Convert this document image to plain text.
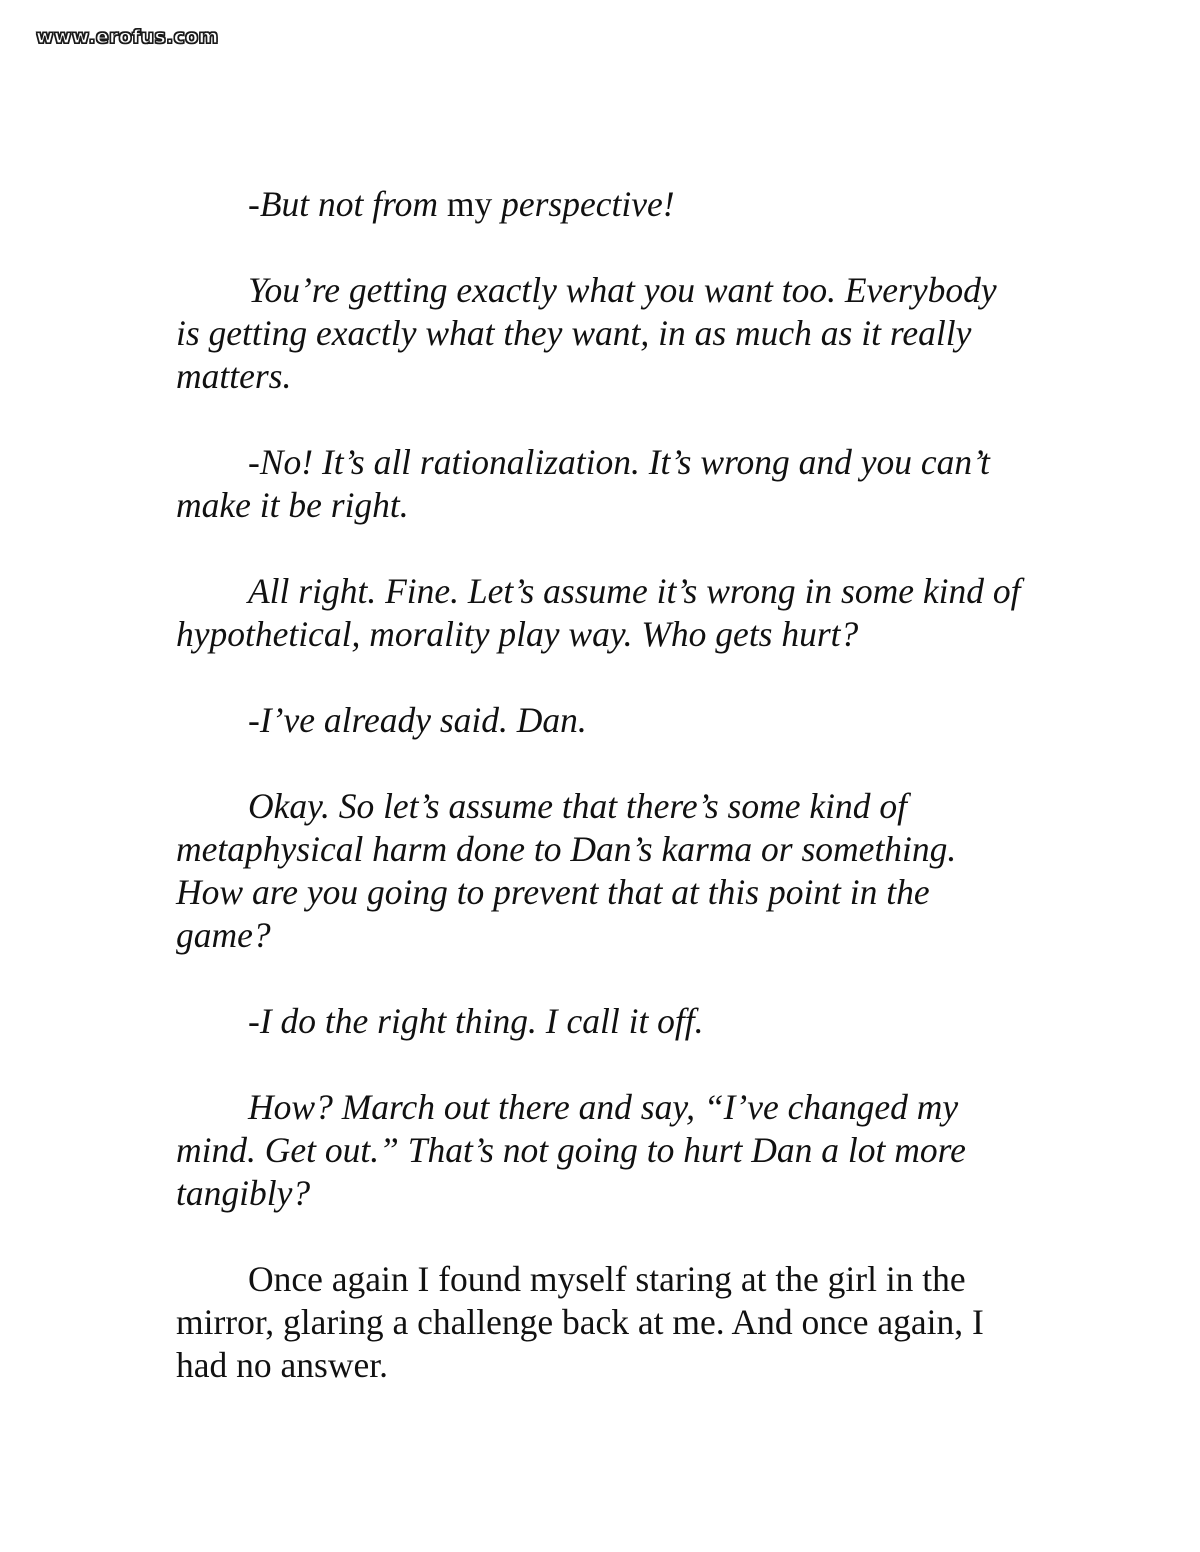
www.erofus.com

-But not from my perspective!

You’re getting exactly what you want too. Everybody is getting exactly what they want, in as much as it really matters.

-No! It’s all rationalization. It’s wrong and you can’t make it be right.

All right. Fine. Let’s assume it’s wrong in some kind of hypothetical, morality play way. Who gets hurt?

-I’ve already said. Dan.

Okay. So let’s assume that there’s some kind of metaphysical harm done to Dan’s karma or something. How are you going to prevent that at this point in the game?

-I do the right thing. I call it off.

How? March out there and say, “I’ve changed my mind. Get out.” That’s not going to hurt Dan a lot more tangibly?

Once again I found myself staring at the girl in the mirror, glaring a challenge back at me. And once again, I had no answer.
